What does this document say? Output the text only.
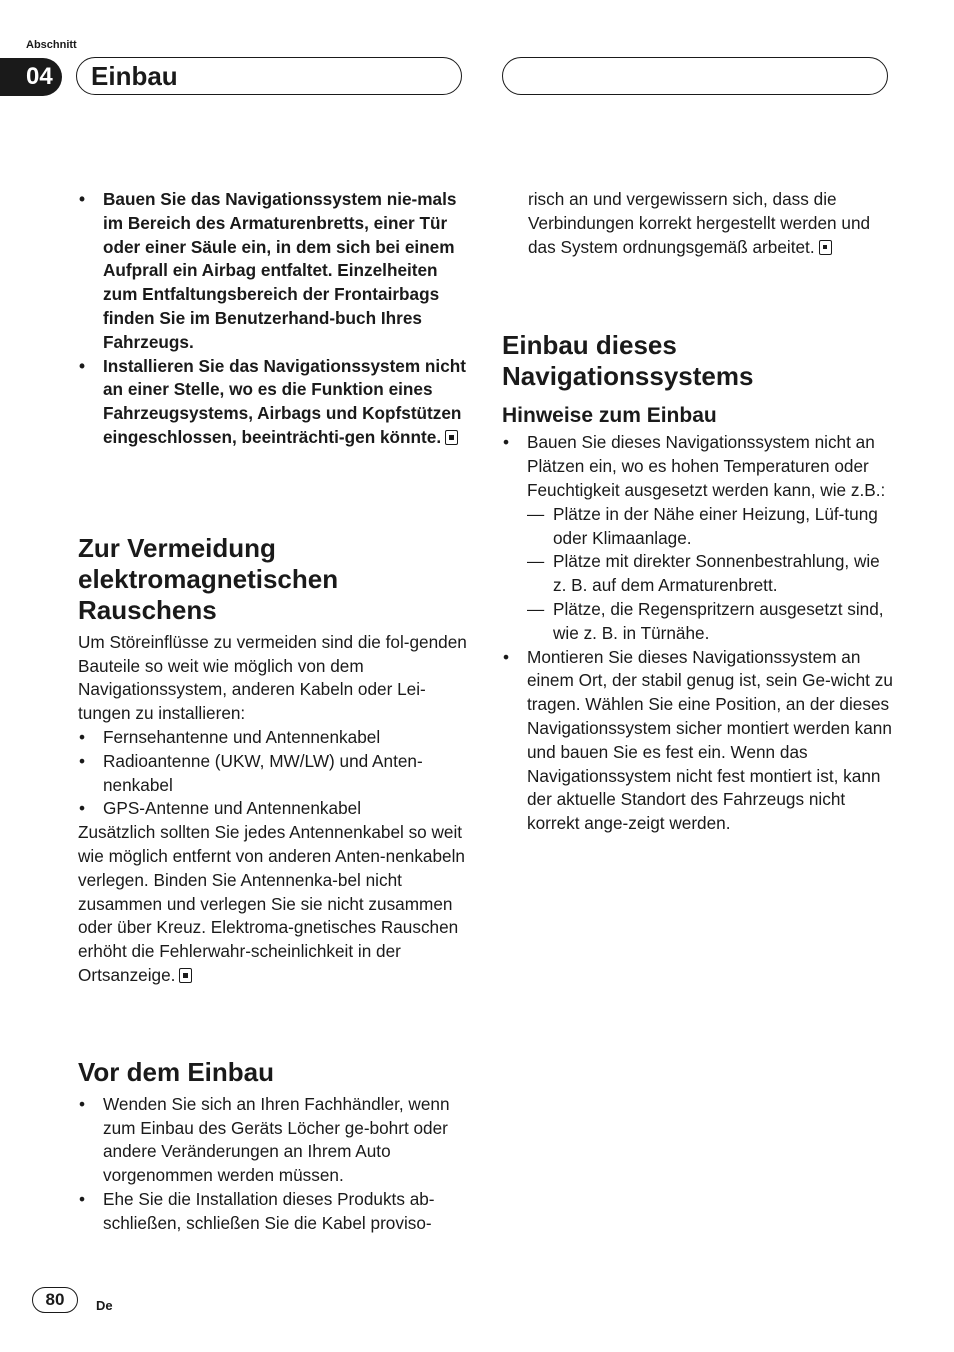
Abschnitt
04	Einbau
• Bauen Sie das Navigationssystem nie-mals im Bereich des Armaturenbretts, einer Tür oder einer Säule ein, in dem sich bei einem Aufprall ein Airbag entfaltet. Einzelheiten zum Entfaltungsbereich der Frontairbags finden Sie im Benutzerhand-buch Ihres Fahrzeugs.
• Installieren Sie das Navigationssystem nicht an einer Stelle, wo es die Funktion eines Fahrzeugsystems, Airbags und Kopfstützen eingeschlossen, beeinträchti-gen könnte.
Zur Vermeidung elektromagnetischen Rauschens

Um Störeinflüsse zu vermeiden sind die fol-genden Bauteile so weit wie möglich von dem Navigationssystem, anderen Kabeln oder Lei-tungen zu installieren:

• Fernsehantenne und Antennenkabel
• Radioantenne (UKW, MW/LW) und Anten-nenkabel
• GPS-Antenne und Antennenkabel

Zusätzlich sollten Sie jedes Antennenkabel so weit wie möglich entfernt von anderen Anten-nenkabeln verlegen. Binden Sie Antennenka-bel nicht zusammen und verlegen Sie sie nicht zusammen oder über Kreuz. Elektroma-gnetisches Rauschen erhöht die Fehlerwahr-scheinlichkeit in der Ortsanzeige.

Vor dem Einbau
• Wenden Sie sich an Ihren Fachhändler, wenn zum Einbau des Geräts Löcher ge-bohrt oder andere Veränderungen an Ihrem Auto vorgenommen werden müssen.
• Ehe Sie die Installation dieses Produkts ab-schließen, schließen Sie die Kabel proviso-

risch an und vergewissern sich, dass die Verbindungen korrekt hergestellt werden und das System ordnungsgemäß arbeitet.

Einbau dieses Navigationssystems
Hinweise zum Einbau
• Bauen Sie dieses Navigationssystem nicht an Plätzen ein, wo es hohen Temperaturen oder Feuchtigkeit ausgesetzt werden kann, wie z.B.:
— Plätze in der Nähe einer Heizung, Lüf-tung oder Klimaanlage.
— Plätze mit direkter Sonnenbestrahlung, wie z. B. auf dem Armaturenbrett.
— Plätze, die Regenspritzern ausgesetzt sind, wie z. B. in Türnähe.
• Montieren Sie dieses Navigationssystem an einem Ort, der stabil genug ist, sein Ge-wicht zu tragen. Wählen Sie eine Position, an der dieses Navigationssystem sicher montiert werden kann und bauen Sie es fest ein. Wenn das Navigationssystem nicht fest montiert ist, kann der aktuelle Standort des Fahrzeugs nicht korrekt ange-zeigt werden.
80	De
